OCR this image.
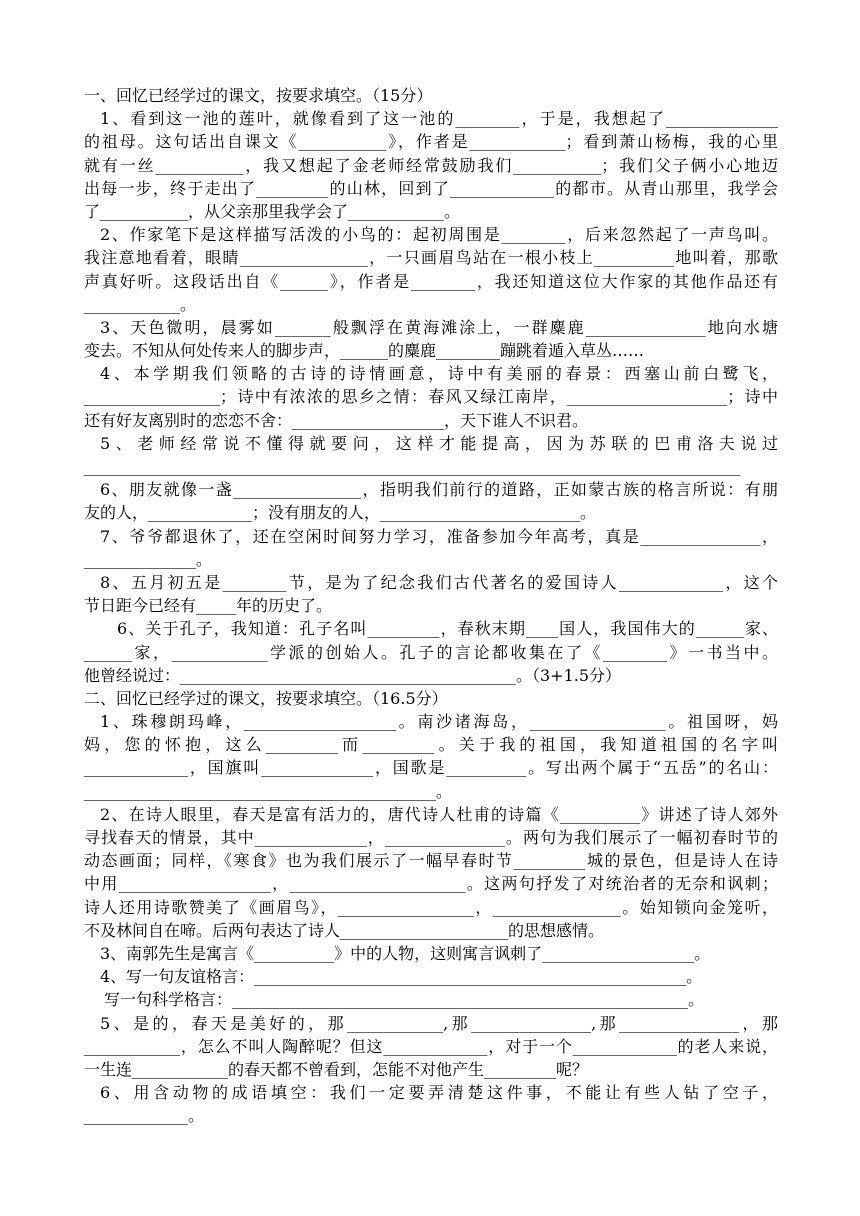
一、回忆已经学过的课文，按要求填空。（15分）
1、看到这一池的莲叶，就像看到了这一池的________，于是，我想起了______________
的祖母。这句话出自课文《___________》，作者是____________；看到萧山杨梅，我的心里
就有一丝___________，我又想起了金老师经常鼓励我们___________；我们父子俩小心地迈
出每一步，终于走出了_________的山林，回到了_____________的都市。从青山那里，我学会
了___________，从父亲那里我学会了____________。
2、作家笔下是这样描写活泼的小鸟的：起初周围是________，后来忽然起了一声鸟叫。
我注意地看着，眼睛________________，一只画眉鸟站在一根小枝上__________地叫着，那歌
声真好听。这段话出自《______》，作者是________，我还知道这位大作家的其他作品还有
____________。
3、天色微明，晨雾如_______般飘浮在黄海滩涂上，一群麋鹿_______________地向水塘
变去。不知从何处传来人的脚步声，______的麋鹿________蹦跳着遁入草丛……
4、本学期我们领略的古诗的诗情画意，诗中有美丽的春景：西塞山前白鹭飞，
_________________；诗中有浓浓的思乡之情：春风又绿江南岸，____________________；诗中
还有好友离别时的恋恋不舍：___________________，天下谁人不识君。
5、老师经常说不懂得就要问，这样才能提高，因为苏联的巴甫洛夫说过
__________________________________________________________________________________
6、朋友就像一盏________________，指明我们前行的道路，正如蒙古族的格言所说：有朋
友的人，_____________；没有朋友的人，_________________________。
7、爷爷都退休了，还在空闲时间努力学习，准备参加今年高考，真是_______________，
______________。
8、五月初五是________节，是为了纪念我们古代著名的爱国诗人_____________，这个
节日距今已经有_____年的历史了。
6、关于孔子，我知道：孔子名叫_________，春秋末期____国人，我国伟大的______家、
______家，____________学派的创始人。孔子的言论都收集在了《________》一书当中。
他曾经说过：__________________________________________。（3+1.5分）
二、回忆已经学过的课文，按要求填空。（16.5分）
1、珠穆朗玛峰，___________________。南沙诸海岛，_________________。祖国呀，妈
妈，您的怀抱，这么_________而_________。关于我的祖国，我知道祖国的名字叫
_____________，国旗叫______________，国歌是__________。写出两个属于“五岳”的名山：
____________________________________________。
2、在诗人眼里，春天是富有活力的，唐代诗人杜甫的诗篇《__________》讲述了诗人郊外
寻找春天的情景，其中______________，_______________。两句为我们展示了一幅初春时节的
动态画面；同样，《寒食》也为我们展示了一幅早春时节_________城的景色，但是诗人在诗
中用___________________，______________________。这两句抒发了对统治者的无奈和讽刺；
诗人还用诗歌赞美了《画眉鸟》，_________________，________________。始知锁向金笼听，
不及林间自在啼。后两句表达了诗人_____________________的思想感情。
3、南郭先生是寓言《__________》中的人物，这则寓言讽刺了___________________。
4、写一句友谊格言：______________________________________________________。
写一句科学格言：_________________________________________________________。
5、是的，春天是美好的，那____________,那_______________,那_______________，那
____________，怎么不叫人陶醉呢？但这_____________，对于一个_____________的老人来说，
一生连____________的春天都不曾看到，怎能不对他产生_________呢？
6、用含动物的成语填空：我们一定要弄清楚这件事，不能让有些人钻了空子，
_____________。
